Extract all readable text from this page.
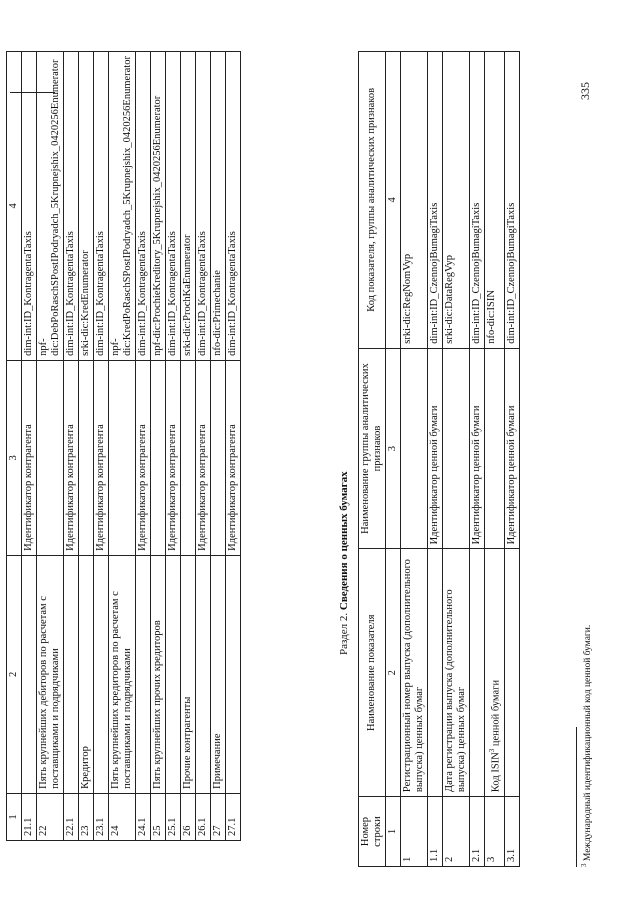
1	2	3	4
21.1		Идентификатор контрагента	dim-int:ID_KontragentaTaxis
22	Пять крупнейших дебиторов по расчетам с поставщиками и подрядчиками		npf-dic:DebPoRaschSPostIPodryadch_5Krupnejshix_0420256Enumerator
22.1		Идентификатор контрагента	dim-int:ID_KontragentaTaxis
23	Кредитор		srki-dic:KredEnumerator
23.1		Идентификатор контрагента	dim-int:ID_KontragentaTaxis
24	Пять крупнейших кредиторов по расчетам с поставщиками и подрядчиками		npf-dic:KredPoRaschSPostIPodryadch_5Krupnejshix_0420256Enumerator
24.1		Идентификатор контрагента	dim-int:ID_KontragentaTaxis
25	Пять крупнейших прочих кредиторов		npf-dic:ProchieKreditory_5Krupnejshix_0420256Enumerator
25.1		Идентификатор контрагента	dim-int:ID_KontragentaTaxis
26	Прочие контрагенты		srki-dic:ProchKaEnumerator
26.1		Идентификатор контрагента	dim-int:ID_KontragentaTaxis
27	Примечание		nfo-dic:Primechanie
27.1		Идентификатор контрагента	dim-int:ID_KontragentaTaxis
Раздел 2. Сведения о ценных бумагах
Номер строки	Наименование показателя	Наименование группы аналитических признаков	Код показателя, группы аналитических признаков
1	2	3	4
1	Регистрационный номер выпуска (дополнительного выпуска) ценных бумаг		srki-dic:RegNomVyp
1.1		Идентификатор ценной бумаги	dim-int:ID_CzennojBumagiTaxis
2	Дата регистрации выпуска (дополнительного выпуска) ценных бумаг		srki-dic:DataRegVyp
2.1		Идентификатор ценной бумаги	dim-int:ID_CzennojBumagiTaxis
3	Код ISIN$^3$ ценной бумаги		nfo-dic:ISIN
3.1		Идентификатор ценной бумаги	dim-int:ID_CzennojBumagiTaxis
$^3$ Международный идентификационный код ценной бумаги.
335
